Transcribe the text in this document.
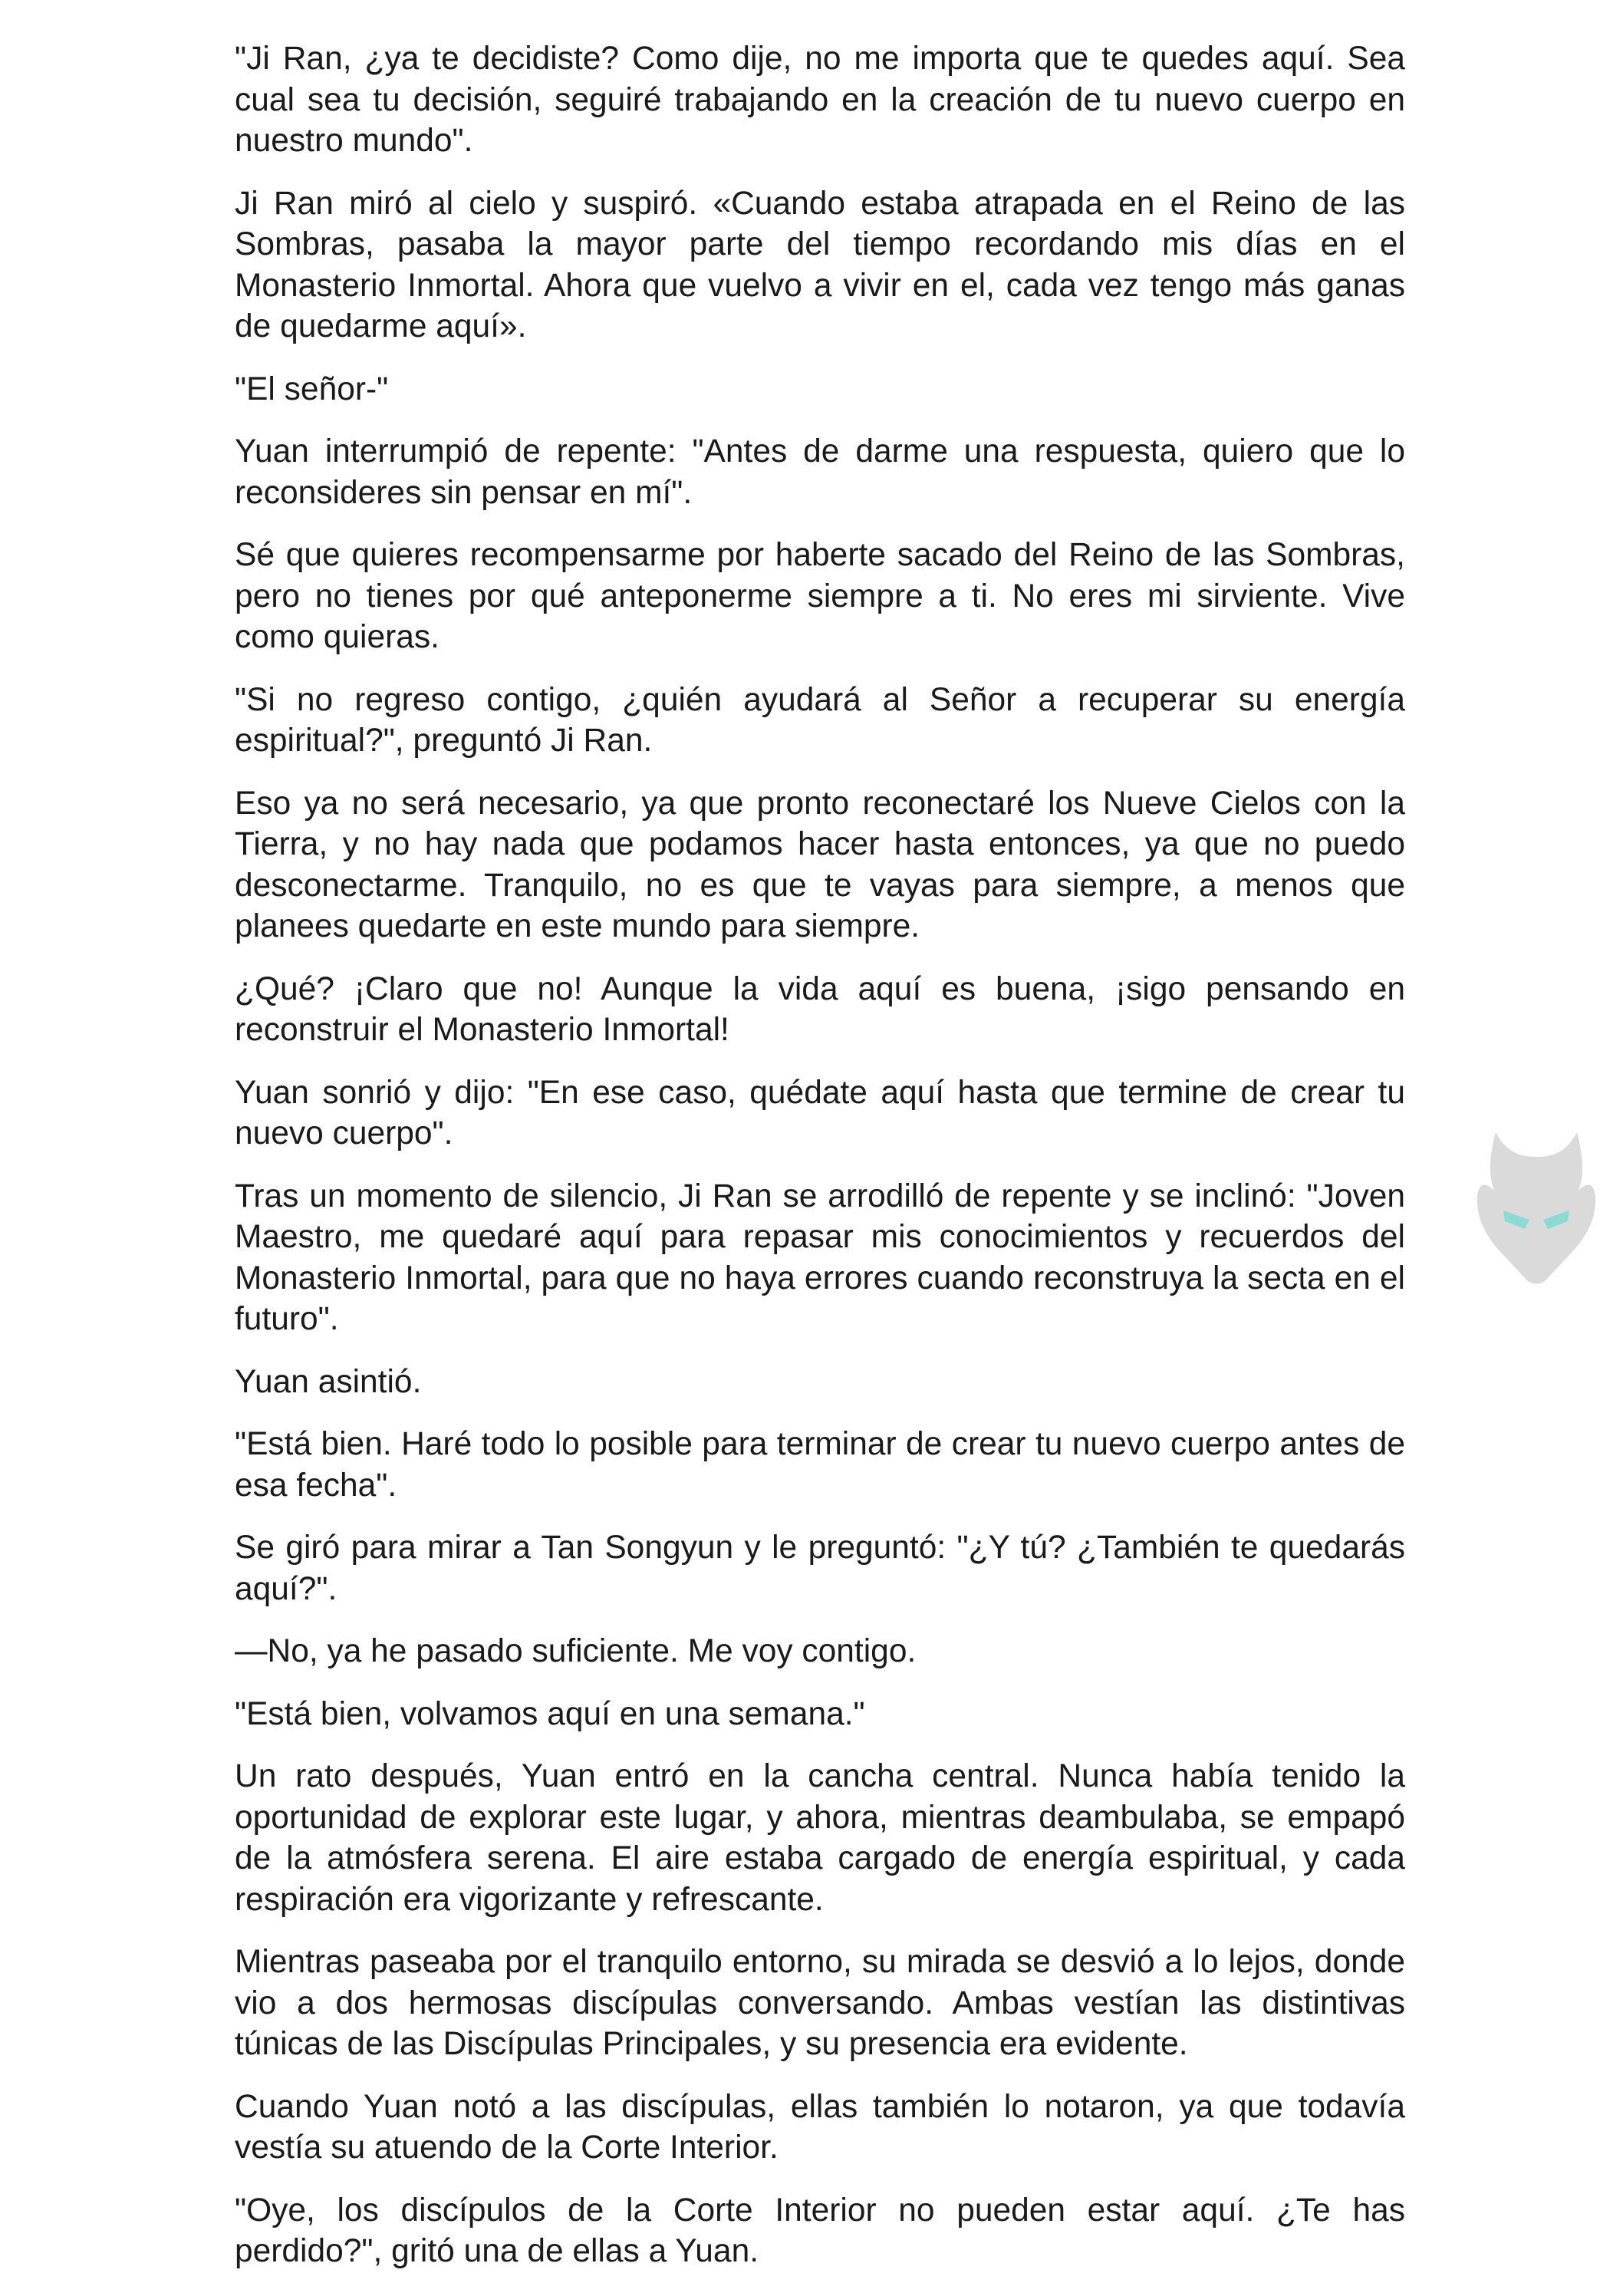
"Ji Ran, ¿ya te decidiste? Como dije, no me importa que te quedes aquí. Sea cual sea tu decisión, seguiré trabajando en la creación de tu nuevo cuerpo en nuestro mundo".

Ji Ran miró al cielo y suspiró. «Cuando estaba atrapada en el Reino de las Sombras, pasaba la mayor parte del tiempo recordando mis días en el Monasterio Inmortal. Ahora que vuelvo a vivir en el, cada vez tengo más ganas de quedarme aquí».

"El señor-"

Yuan interrumpió de repente: "Antes de darme una respuesta, quiero que lo reconsideres sin pensar en mí".

Sé que quieres recompensarme por haberte sacado del Reino de las Sombras, pero no tienes por qué anteponerme siempre a ti. No eres mi sirviente. Vive como quieras.

"Si no regreso contigo, ¿quién ayudará al Señor a recuperar su energía espiritual?", preguntó Ji Ran.

Eso ya no será necesario, ya que pronto reconectaré los Nueve Cielos con la Tierra, y no hay nada que podamos hacer hasta entonces, ya que no puedo desconectarme. Tranquilo, no es que te vayas para siempre, a menos que planees quedarte en este mundo para siempre.

¿Qué? ¡Claro que no! Aunque la vida aquí es buena, ¡sigo pensando en reconstruir el Monasterio Inmortal!

Yuan sonrió y dijo: "En ese caso, quédate aquí hasta que termine de crear tu nuevo cuerpo".

Tras un momento de silencio, Ji Ran se arrodilló de repente y se inclinó: "Joven Maestro, me quedaré aquí para repasar mis conocimientos y recuerdos del Monasterio Inmortal, para que no haya errores cuando reconstruya la secta en el futuro".

Yuan asintió.

"Está bien. Haré todo lo posible para terminar de crear tu nuevo cuerpo antes de esa fecha".

Se giró para mirar a Tan Songyun y le preguntó: "¿Y tú? ¿También te quedarás aquí?".

—No, ya he pasado suficiente. Me voy contigo.

"Está bien, volvamos aquí en una semana."

Un rato después, Yuan entró en la cancha central. Nunca había tenido la oportunidad de explorar este lugar, y ahora, mientras deambulaba, se empapó de la atmósfera serena. El aire estaba cargado de energía espiritual, y cada respiración era vigorizante y refrescante.

Mientras paseaba por el tranquilo entorno, su mirada se desvió a lo lejos, donde vio a dos hermosas discípulas conversando. Ambas vestían las distintivas túnicas de las Discípulas Principales, y su presencia era evidente.

Cuando Yuan notó a las discípulas, ellas también lo notaron, ya que todavía vestía su atuendo de la Corte Interior.

"Oye, los discípulos de la Corte Interior no pueden estar aquí. ¿Te has perdido?", gritó una de ellas a Yuan.
